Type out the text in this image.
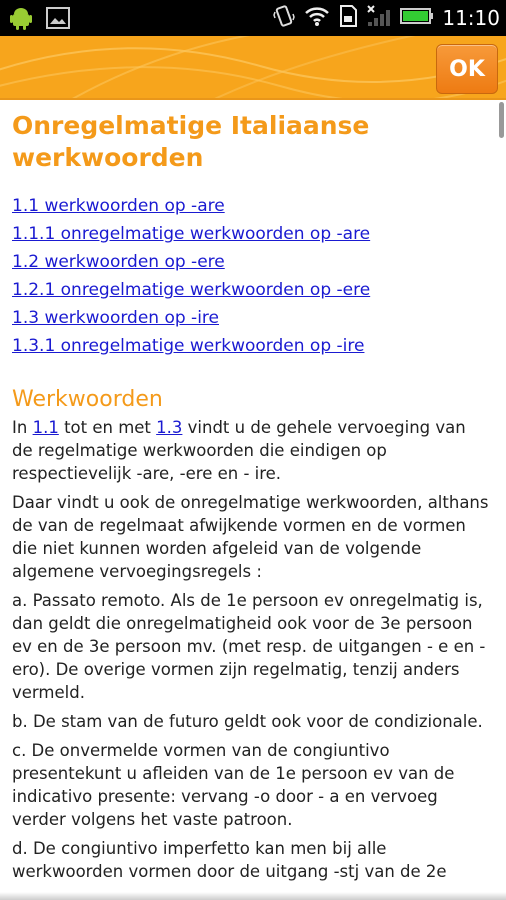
11:10
OK
Onregelmatige Italiaanse werkwoorden
1.1 werkwoorden op -are
1.1.1 onregelmatige werkwoorden op -are
1.2 werkwoorden op -ere
1.2.1 onregelmatige werkwoorden op -ere
1.3 werkwoorden op -ire
1.3.1 onregelmatige werkwoorden op -ire
Werkwoorden

In 1.1 tot en met 1.3 vindt u de gehele vervoeging van de regelmatige werkwoorden die eindigen op respectievelijk -are, -ere en - ire.

Daar vindt u ook de onregelmatige werkwoorden, althans de van de regelmaat afwijkende vormen en de vormen die niet kunnen worden afgeleid van de volgende algemene vervoegingsregels :

a. Passato remoto. Als de 1e persoon ev onregelmatig is, dan geldt die onregelmatigheid ook voor de 3e persoon ev en de 3e persoon mv. (met resp. de uitgangen - e en - ero). De overige vormen zijn regelmatig, tenzij anders vermeld.

b. De stam van de futuro geldt ook voor de condizionale.

c. De onvermelde vormen van de congiuntivo presentekunt u afleiden van de 1e persoon ev van de indicativo presente: vervang -o door - a en vervoeg verder volgens het vaste patroon.

d. De congiuntivo imperfetto kan men bij alle werkwoorden vormen door de uitgang -stj van de 2e
